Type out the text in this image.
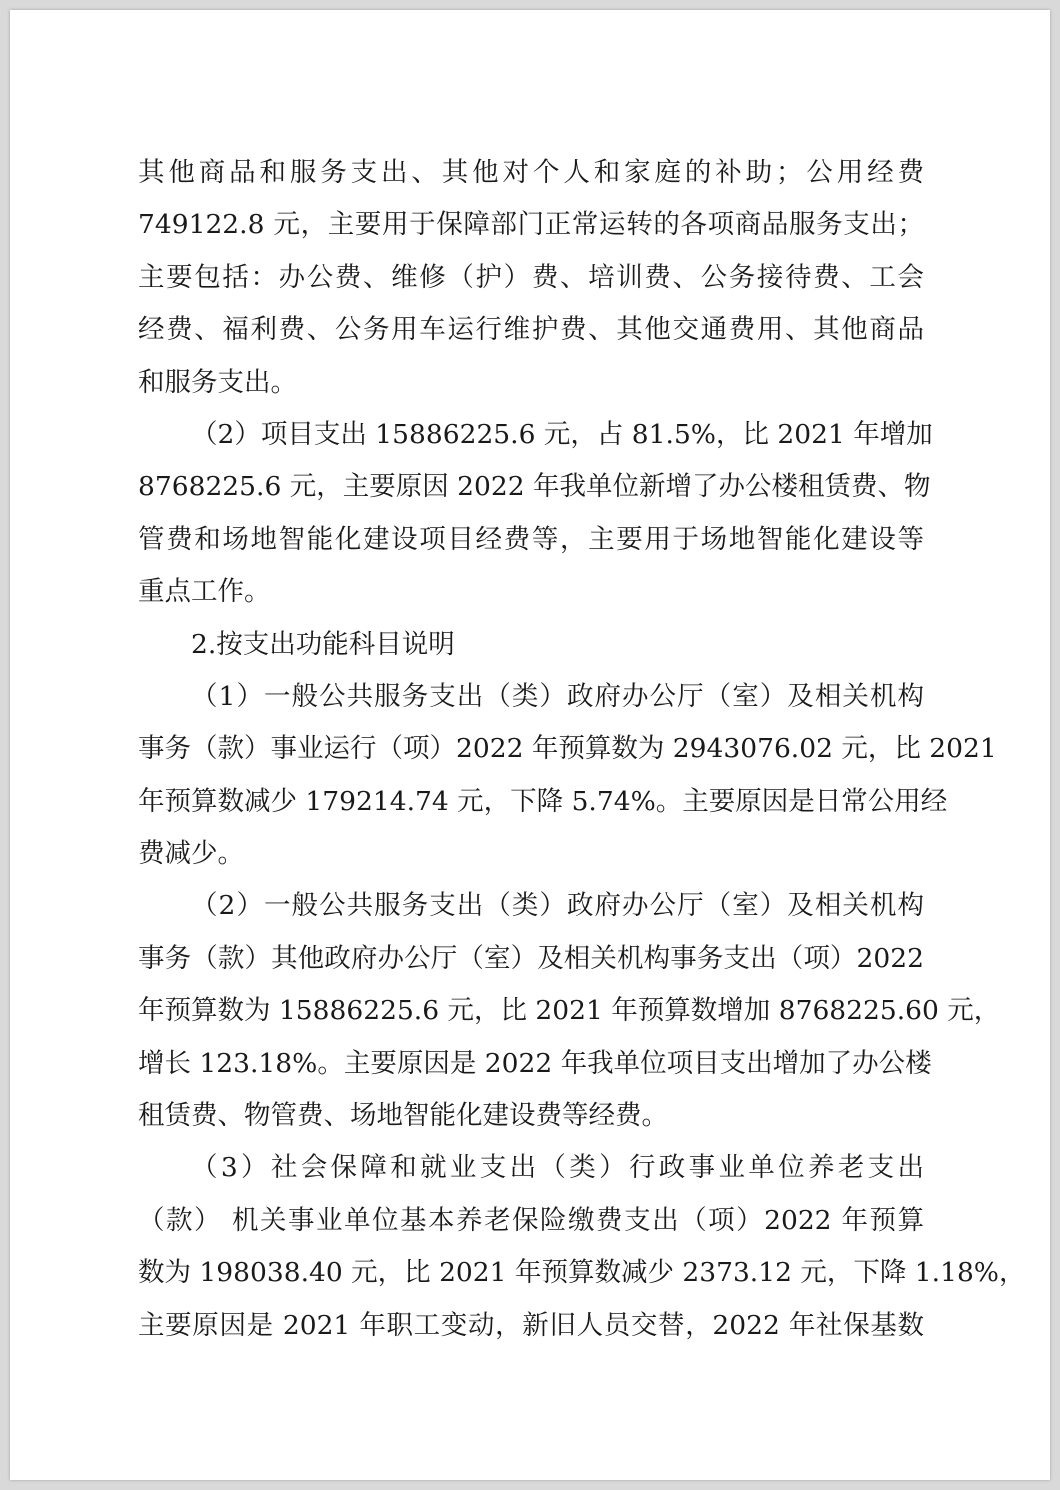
其他商品和服务支出、其他对个人和家庭的补助；公用经费
749122.8 元，主要用于保障部门正常运转的各项商品服务支出；
主要包括：办公费、维修（护）费、培训费、公务接待费、工会
经费、福利费、公务用车运行维护费、其他交通费用、其他商品
和服务支出。
（2）项目支出 15886225.6 元，占 81.5%，比 2021 年增加
8768225.6 元，主要原因 2022 年我单位新增了办公楼租赁费、物
管费和场地智能化建设项目经费等，主要用于场地智能化建设等
重点工作。
2.按支出功能科目说明
（1）一般公共服务支出（类）政府办公厅（室）及相关机构
事务（款）事业运行（项）2022 年预算数为 2943076.02 元，比 2021
年预算数减少 179214.74 元，下降 5.74%。主要原因是日常公用经
费减少。
（2）一般公共服务支出（类）政府办公厅（室）及相关机构
事务（款）其他政府办公厅（室）及相关机构事务支出（项）2022
年预算数为 15886225.6 元，比 2021 年预算数增加 8768225.60 元，
增长 123.18%。主要原因是 2022 年我单位项目支出增加了办公楼
租赁费、物管费、场地智能化建设费等经费。
（3）社会保障和就业支出（类）行政事业单位养老支出
（款） 机关事业单位基本养老保险缴费支出（项）2022 年预算
数为 198038.40 元，比 2021 年预算数减少 2373.12 元，下降 1.18%，
主要原因是 2021 年职工变动，新旧人员交替，2022 年社保基数
